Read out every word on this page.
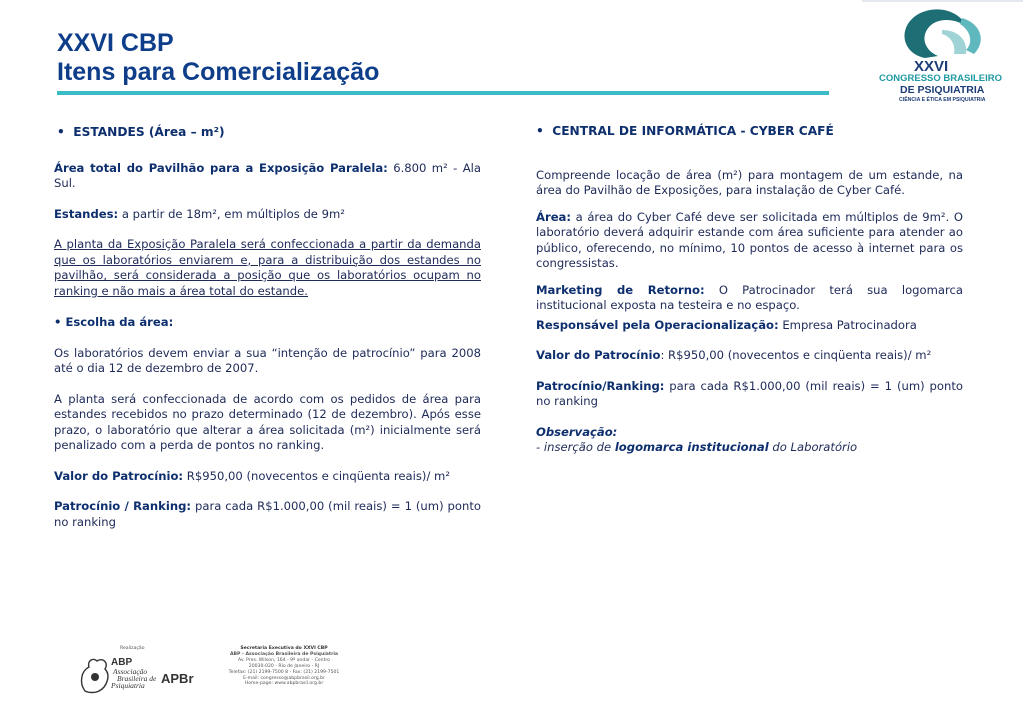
XXVI CBP
Itens para Comercialização	XXVI
CONGRESSO BRASILEIRO
DE PSIQUIATRIA
CIÊNCIA E ÉTICA EM PSIQUIATRIA

•  ESTANDES (Área – m²)

Área total do Pavilhão para a Exposição Paralela: 6.800 m² - Ala Sul.

Estandes: a partir de 18m², em múltiplos de 9m²

A planta da Exposição Paralela será confeccionada a partir da demanda que os laboratórios enviarem e, para a distribuição dos estandes no pavilhão, será considerada a posição que os laboratórios ocupam no ranking e não mais a área total do estande.

• Escolha da área:

Os laboratórios devem enviar a sua “intenção de patrocínio” para 2008 até o dia 12 de dezembro de 2007.

A planta será confeccionada de acordo com os pedidos de área para estandes recebidos no prazo determinado (12 de dezembro). Após esse prazo, o laboratório que alterar a área solicitada (m²) inicialmente será penalizado com a perda de pontos no ranking.

Valor do Patrocínio: R$950,00 (novecentos e cinqüenta reais)/ m²

Patrocínio / Ranking: para cada R$1.000,00 (mil reais) = 1 (um) ponto no ranking

•  CENTRAL DE INFORMÁTICA - CYBER CAFÉ

Compreende locação de área (m²) para montagem de um estande, na área do Pavilhão de Exposições, para instalação de Cyber Café.

Área: a área do Cyber Café deve ser solicitada em múltiplos de 9m². O laboratório deverá adquirir estande com área suficiente para atender ao público, oferecendo, no mínimo, 10 pontos de acesso à internet para os congressistas.

Marketing de Retorno: O Patrocinador terá sua logomarca institucional exposta na testeira e no espaço.

Responsável pela Operacionalização: Empresa Patrocinadora

Valor do Patrocínio: R$950,00 (novecentos e cinqüenta reais)/ m²

Patrocínio/Ranking: para cada R$1.000,00 (mil reais) = 1 (um) ponto no ranking

Observação:

- inserção de logomarca institucional do Laboratório

Realização
ABP
Associação
Brasileira de
Psiquiatria APBr
Secretaria Executiva do XXVI CBP
ABP - Associação Brasileira de Psiquiatria
Av. Pres. Wilson, 164 - 9º andar - Centro
20030-020 - Rio de Janeiro - RJ
Telefax: (21) 2199-7500 8 - Fax: (21) 2199-7501
E-mail: congresso@abpbrasil.org.br
Home-page: www.abpbrasil.org.br
